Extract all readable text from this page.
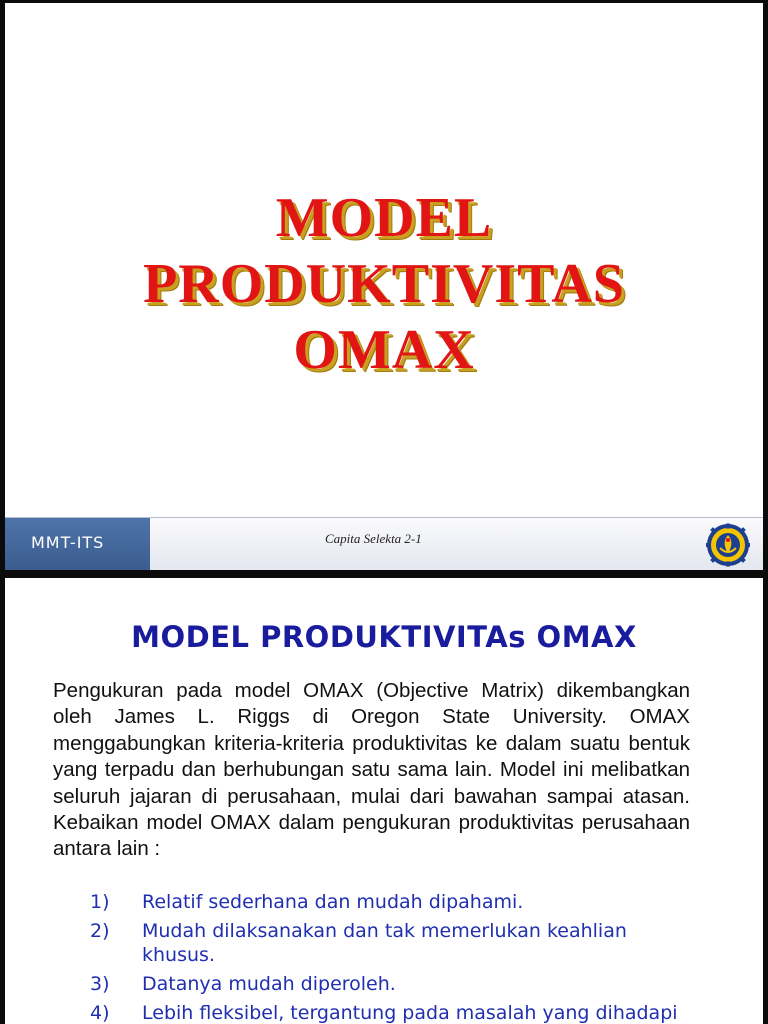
MODEL
PRODUKTIVITAS
OMAX
MMT-ITS	Capita Selekta 2-1
MODEL PRODUKTIVITAs OMAX
Pengukuran pada model OMAX (Objective Matrix) dikembangkan oleh James L. Riggs di Oregon State University. OMAX menggabungkan kriteria-kriteria produktivitas ke dalam suatu bentuk yang terpadu dan berhubungan satu sama lain. Model ini melibatkan seluruh jajaran di perusahaan, mulai dari bawahan sampai atasan. Kebaikan model OMAX dalam pengukuran produktivitas perusahaan antara lain :
1)	Relatif sederhana dan mudah dipahami.
2)	Mudah dilaksanakan dan tak memerlukan keahlian khusus.
3)	Datanya mudah diperoleh.
4)	Lebih fleksibel, tergantung pada masalah yang dihadapi
